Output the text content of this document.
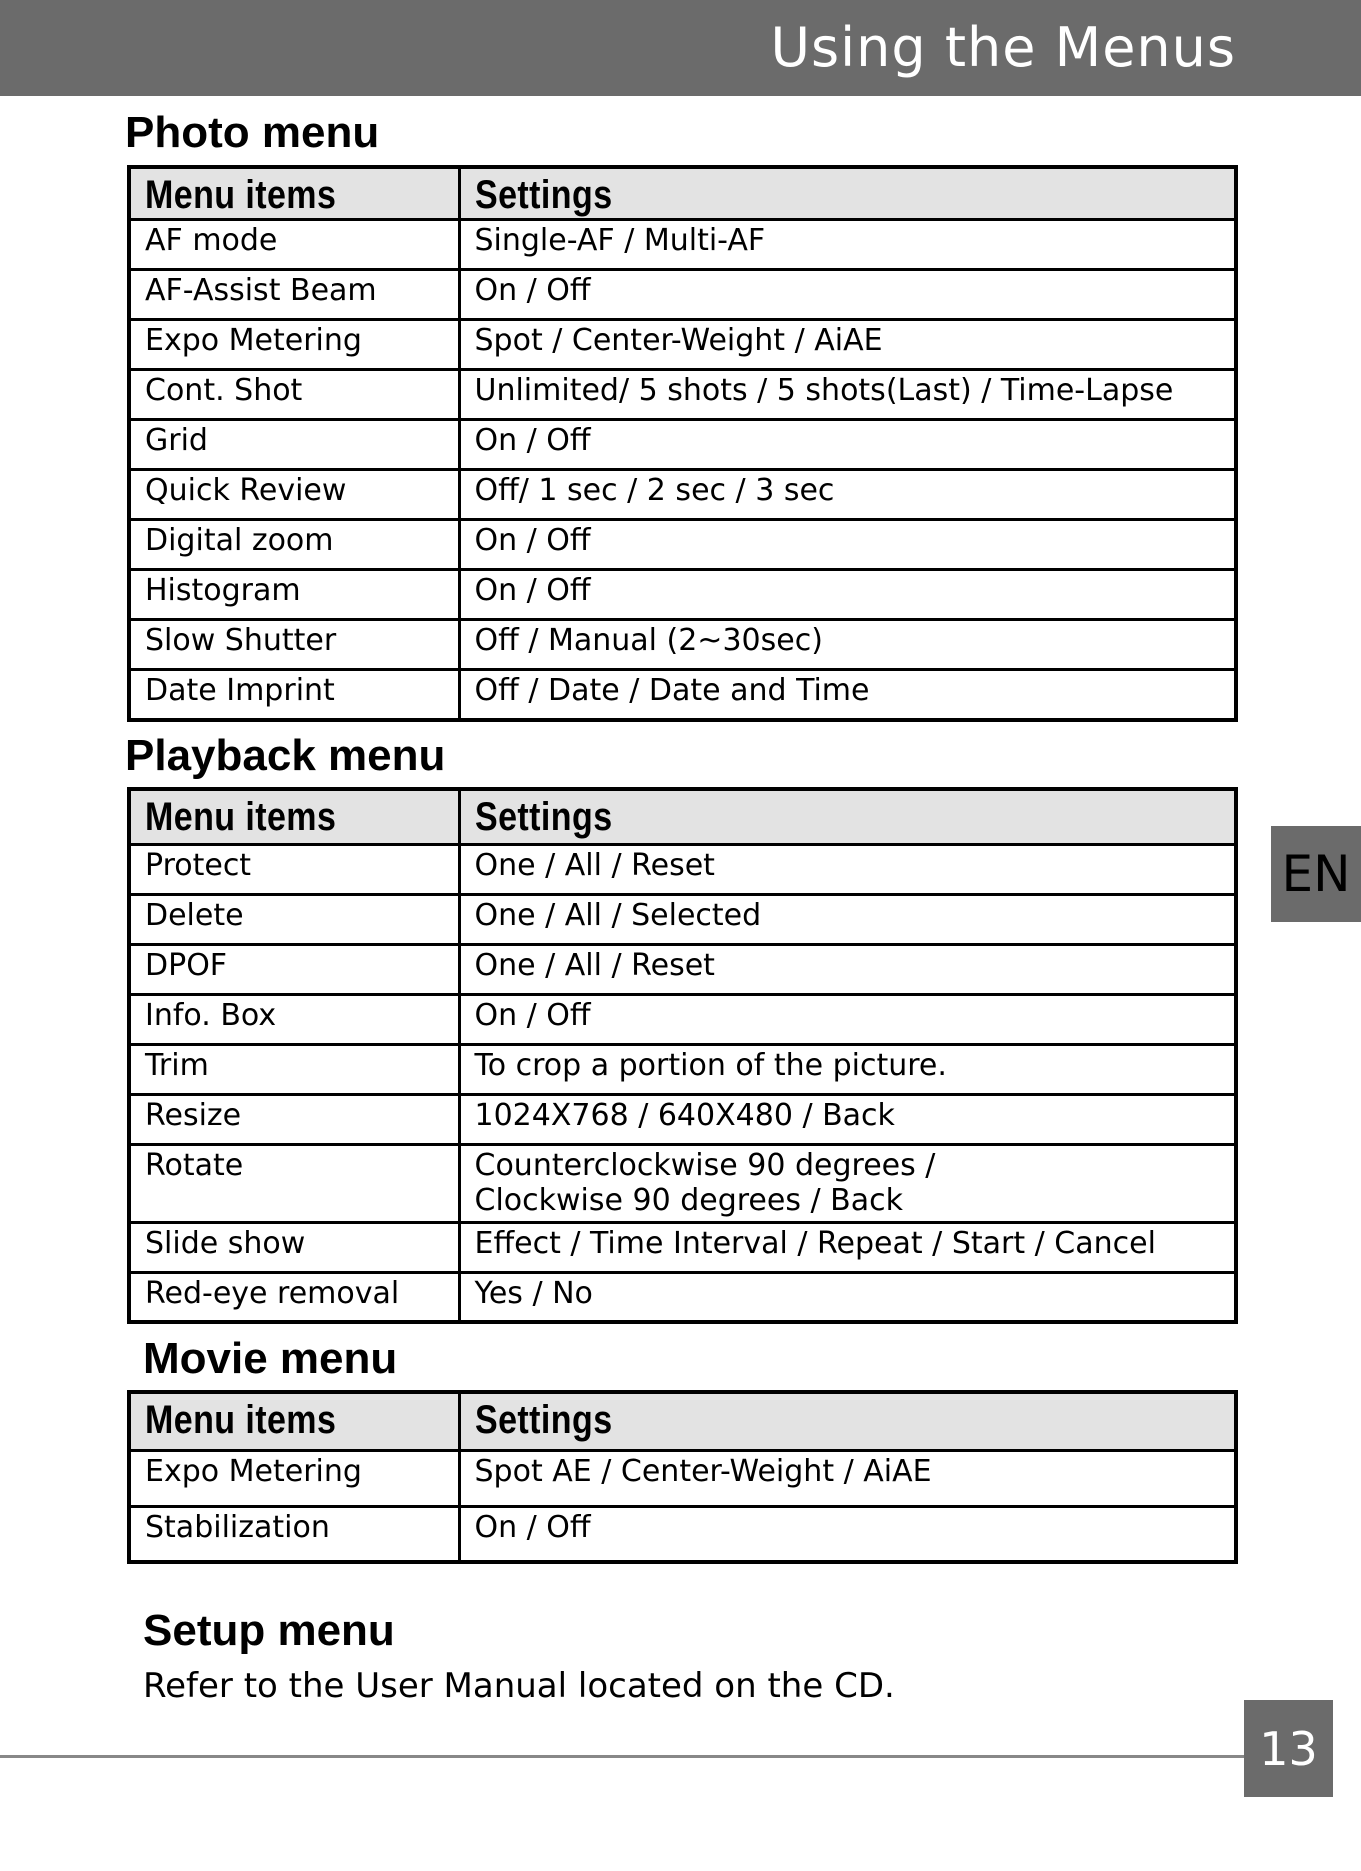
Using the Menus
Photo menu
Menu items	Settings
AF mode	Single-AF / Multi-AF

AF-Assist Beam	On / Off

Expo Metering	Spot / Center-Weight / AiAE

Cont. Shot	Unlimited/ 5 shots / 5 shots(Last) / Time-Lapse

Grid	On / Off

Quick Review	Off/ 1 sec / 2 sec / 3 sec

Digital zoom	On / Off

Histogram	On / Off

Slow Shutter	Off / Manual (2~30sec)

Date Imprint	Off / Date / Date and Time
Playback menu
Menu items	Settings
Protect	One / All / Reset

Delete	One / All / Selected

DPOF	One / All / Reset

Info. Box	On / Off

Trim	To crop a portion of the picture.

Resize	1024X768 / 640X480 / Back

Rotate	Counterclockwise 90 degrees /
Clockwise 90 degrees / Back

Slide show	Effect / Time Interval / Repeat / Start / Cancel

Red-eye removal	Yes / No
Movie menu
Menu items	Settings
Expo Metering	Spot AE / Center-Weight / AiAE

Stabilization	On / Off
Setup menu
Refer to the User Manual located on the CD.
EN
13
